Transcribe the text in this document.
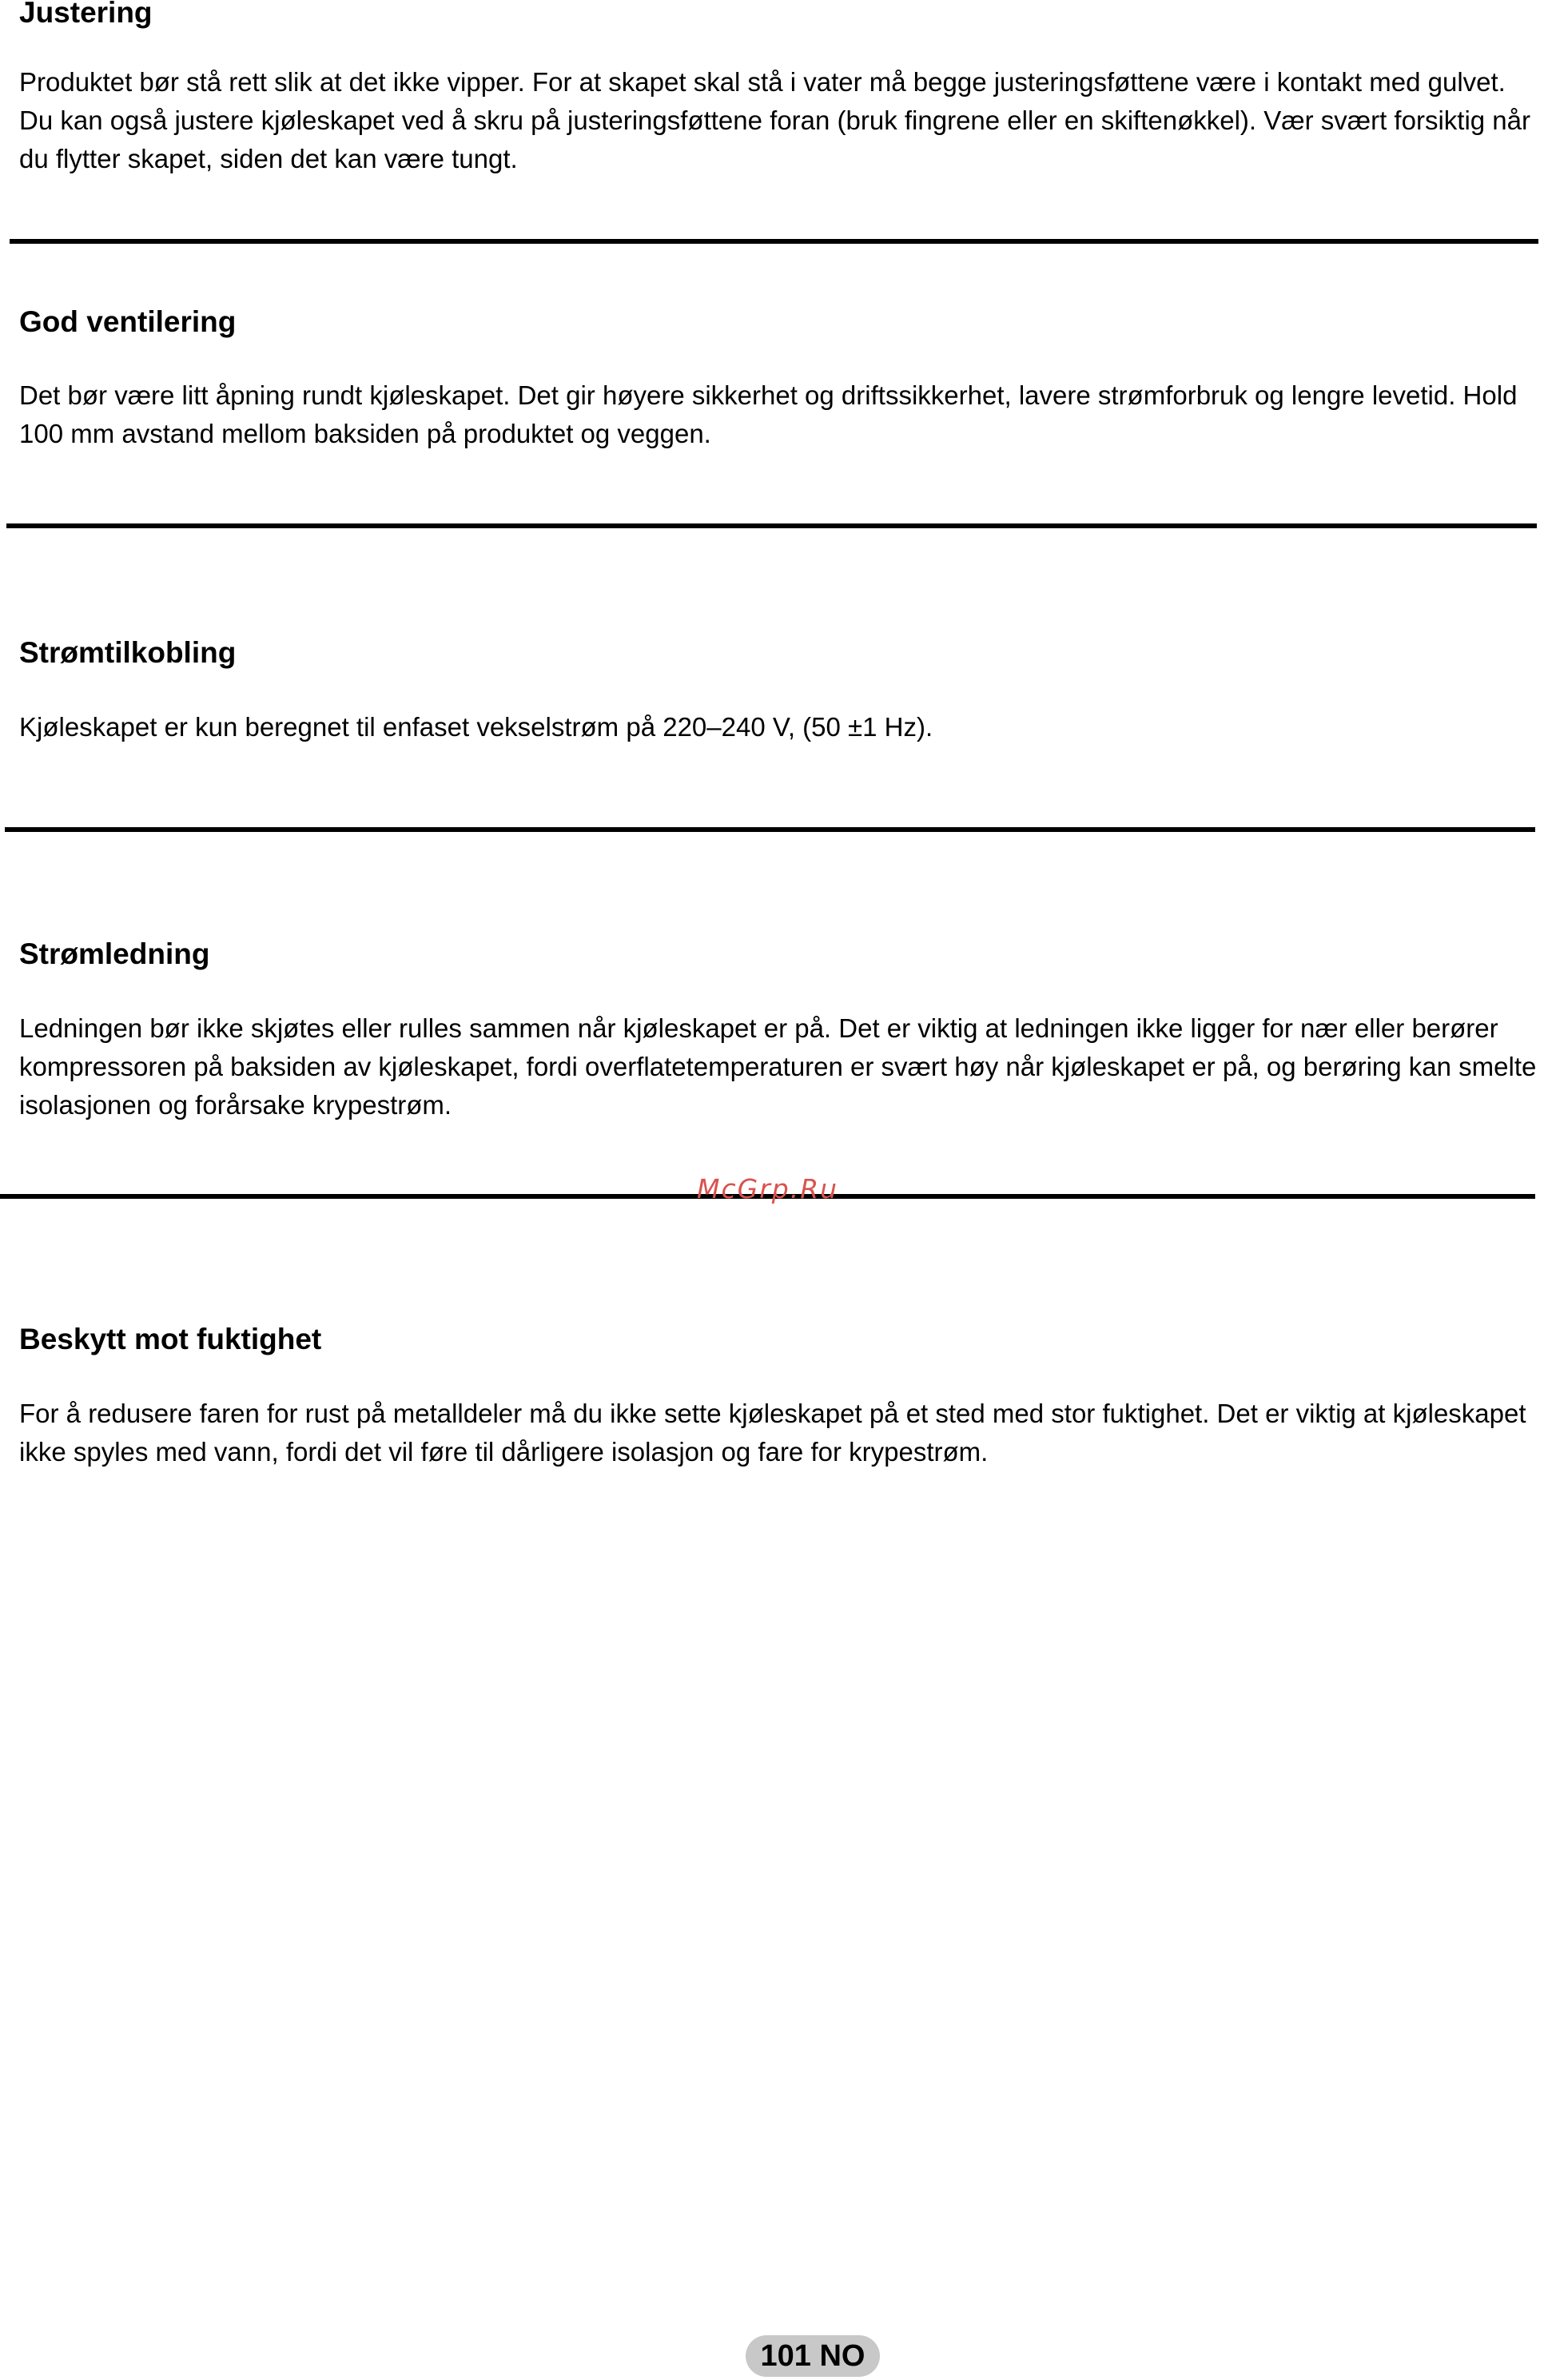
Justering

Produktet bør stå rett slik at det ikke vipper. For at skapet skal stå i vater må begge justeringsføttene være i kontakt med gulvet. Du kan også justere kjøleskapet ved å skru på justeringsføttene foran (bruk fingrene eller en skiftenøkkel). Vær svært forsiktig når du flytter skapet, siden det kan være tungt.

God ventilering

Det bør være litt åpning rundt kjøleskapet. Det gir høyere sikkerhet og driftssikkerhet, lavere strømforbruk og lengre levetid. Hold 100 mm avstand mellom baksiden på produktet og veggen.

Strømtilkobling

Kjøleskapet er kun beregnet til enfaset vekselstrøm på 220–240 V, (50 ±1 Hz).

Strømledning

Ledningen bør ikke skjøtes eller rulles sammen når kjøleskapet er på. Det er viktig at ledningen ikke ligger for nær eller berører kompressoren på baksiden av kjøleskapet, fordi overflatetemperaturen er svært høy når kjøleskapet er på, og berøring kan smelte isolasjonen og forårsake krypestrøm.

McGrp.Ru
Beskytt mot fuktighet

For å redusere faren for rust på metalldeler må du ikke sette kjøleskapet på et sted med stor fuktighet. Det er viktig at kjøleskapet ikke spyles med vann, fordi det vil føre til dårligere isolasjon og fare for krypestrøm.

101 NO
